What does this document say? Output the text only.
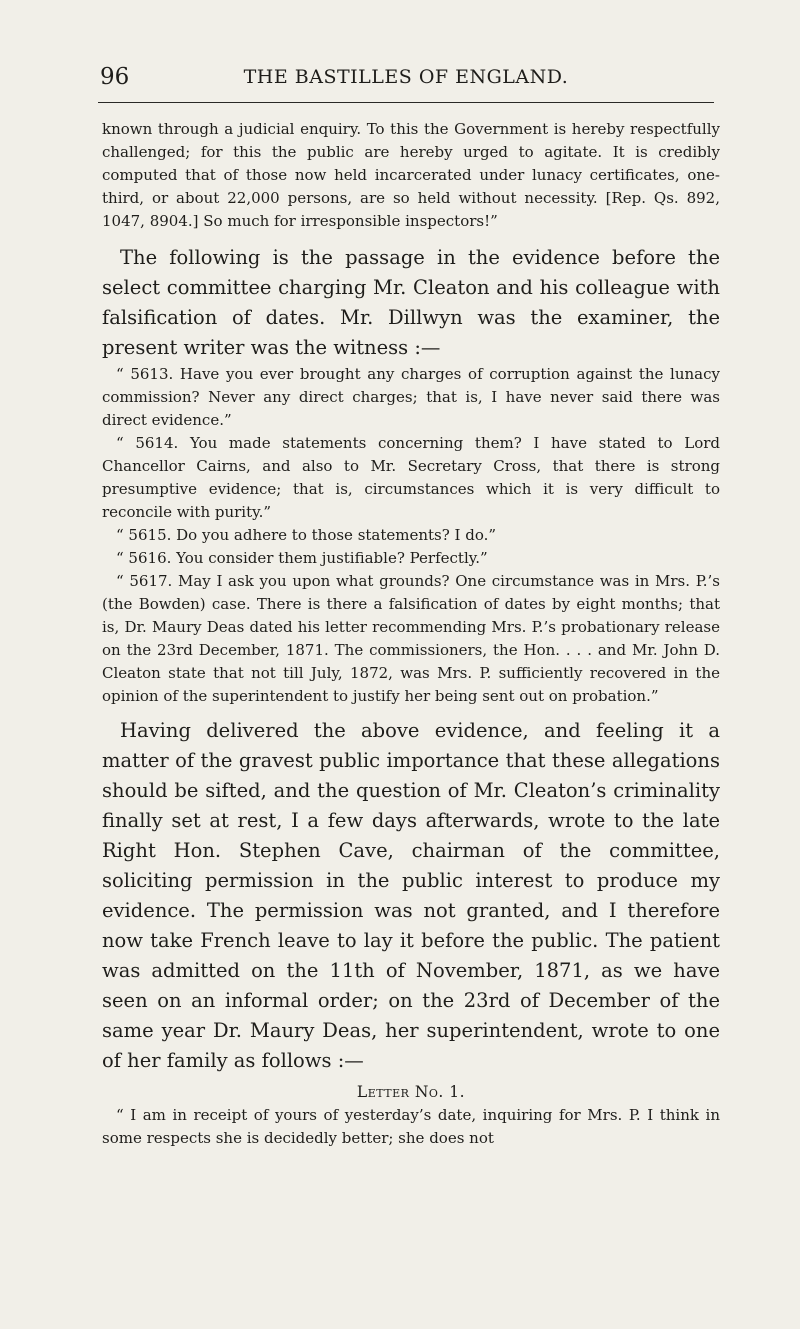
96	THE BASTILLES OF ENGLAND.

known through a judicial enquiry. To this the Government is hereby respectfully challenged; for this the public are hereby urged to agitate. It is credibly computed that of those now held incarcerated under lunacy certificates, one-third, or about 22,000 persons, are so held without necessity. [Rep. Qs. 892, 1047, 8904.] So much for irresponsible inspectors!”

The following is the passage in the evidence before the select committee charging Mr. Cleaton and his colleague with falsification of dates. Mr. Dillwyn was the examiner, the present writer was the witness :—

“ 5613. Have you ever brought any charges of corruption against the lunacy commission? Never any direct charges; that is, I have never said there was direct evidence.”

“ 5614. You made statements concerning them? I have stated to Lord Chancellor Cairns, and also to Mr. Secretary Cross, that there is strong presumptive evidence; that is, circumstances which it is very difficult to reconcile with purity.”

“ 5615. Do you adhere to those statements? I do.”

“ 5616. You consider them justifiable? Perfectly.”

“ 5617. May I ask you upon what grounds? One circumstance was in Mrs. P.’s (the Bowden) case. There is there a falsification of dates by eight months; that is, Dr. Maury Deas dated his letter recommending Mrs. P.’s probationary release on the 23rd December, 1871. The commissioners, the Hon. . . . and Mr. John D. Cleaton state that not till July, 1872, was Mrs. P. sufficiently recovered in the opinion of the superintendent to justify her being sent out on probation.”

Having delivered the above evidence, and feeling it a matter of the gravest public importance that these allegations should be sifted, and the question of Mr. Cleaton’s criminality finally set at rest, I a few days afterwards, wrote to the late Right Hon. Stephen Cave, chairman of the committee, soliciting permission in the public interest to produce my evidence. The permission was not granted, and I therefore now take French leave to lay it before the public. The patient was admitted on the 11th of November, 1871, as we have seen on an informal order; on the 23rd of December of the same year Dr. Maury Deas, her superintendent, wrote to one of her family as follows :—

Letter No. 1.

“ I am in receipt of yours of yesterday’s date, inquiring for Mrs. P. I think in some respects she is decidedly better; she does not
